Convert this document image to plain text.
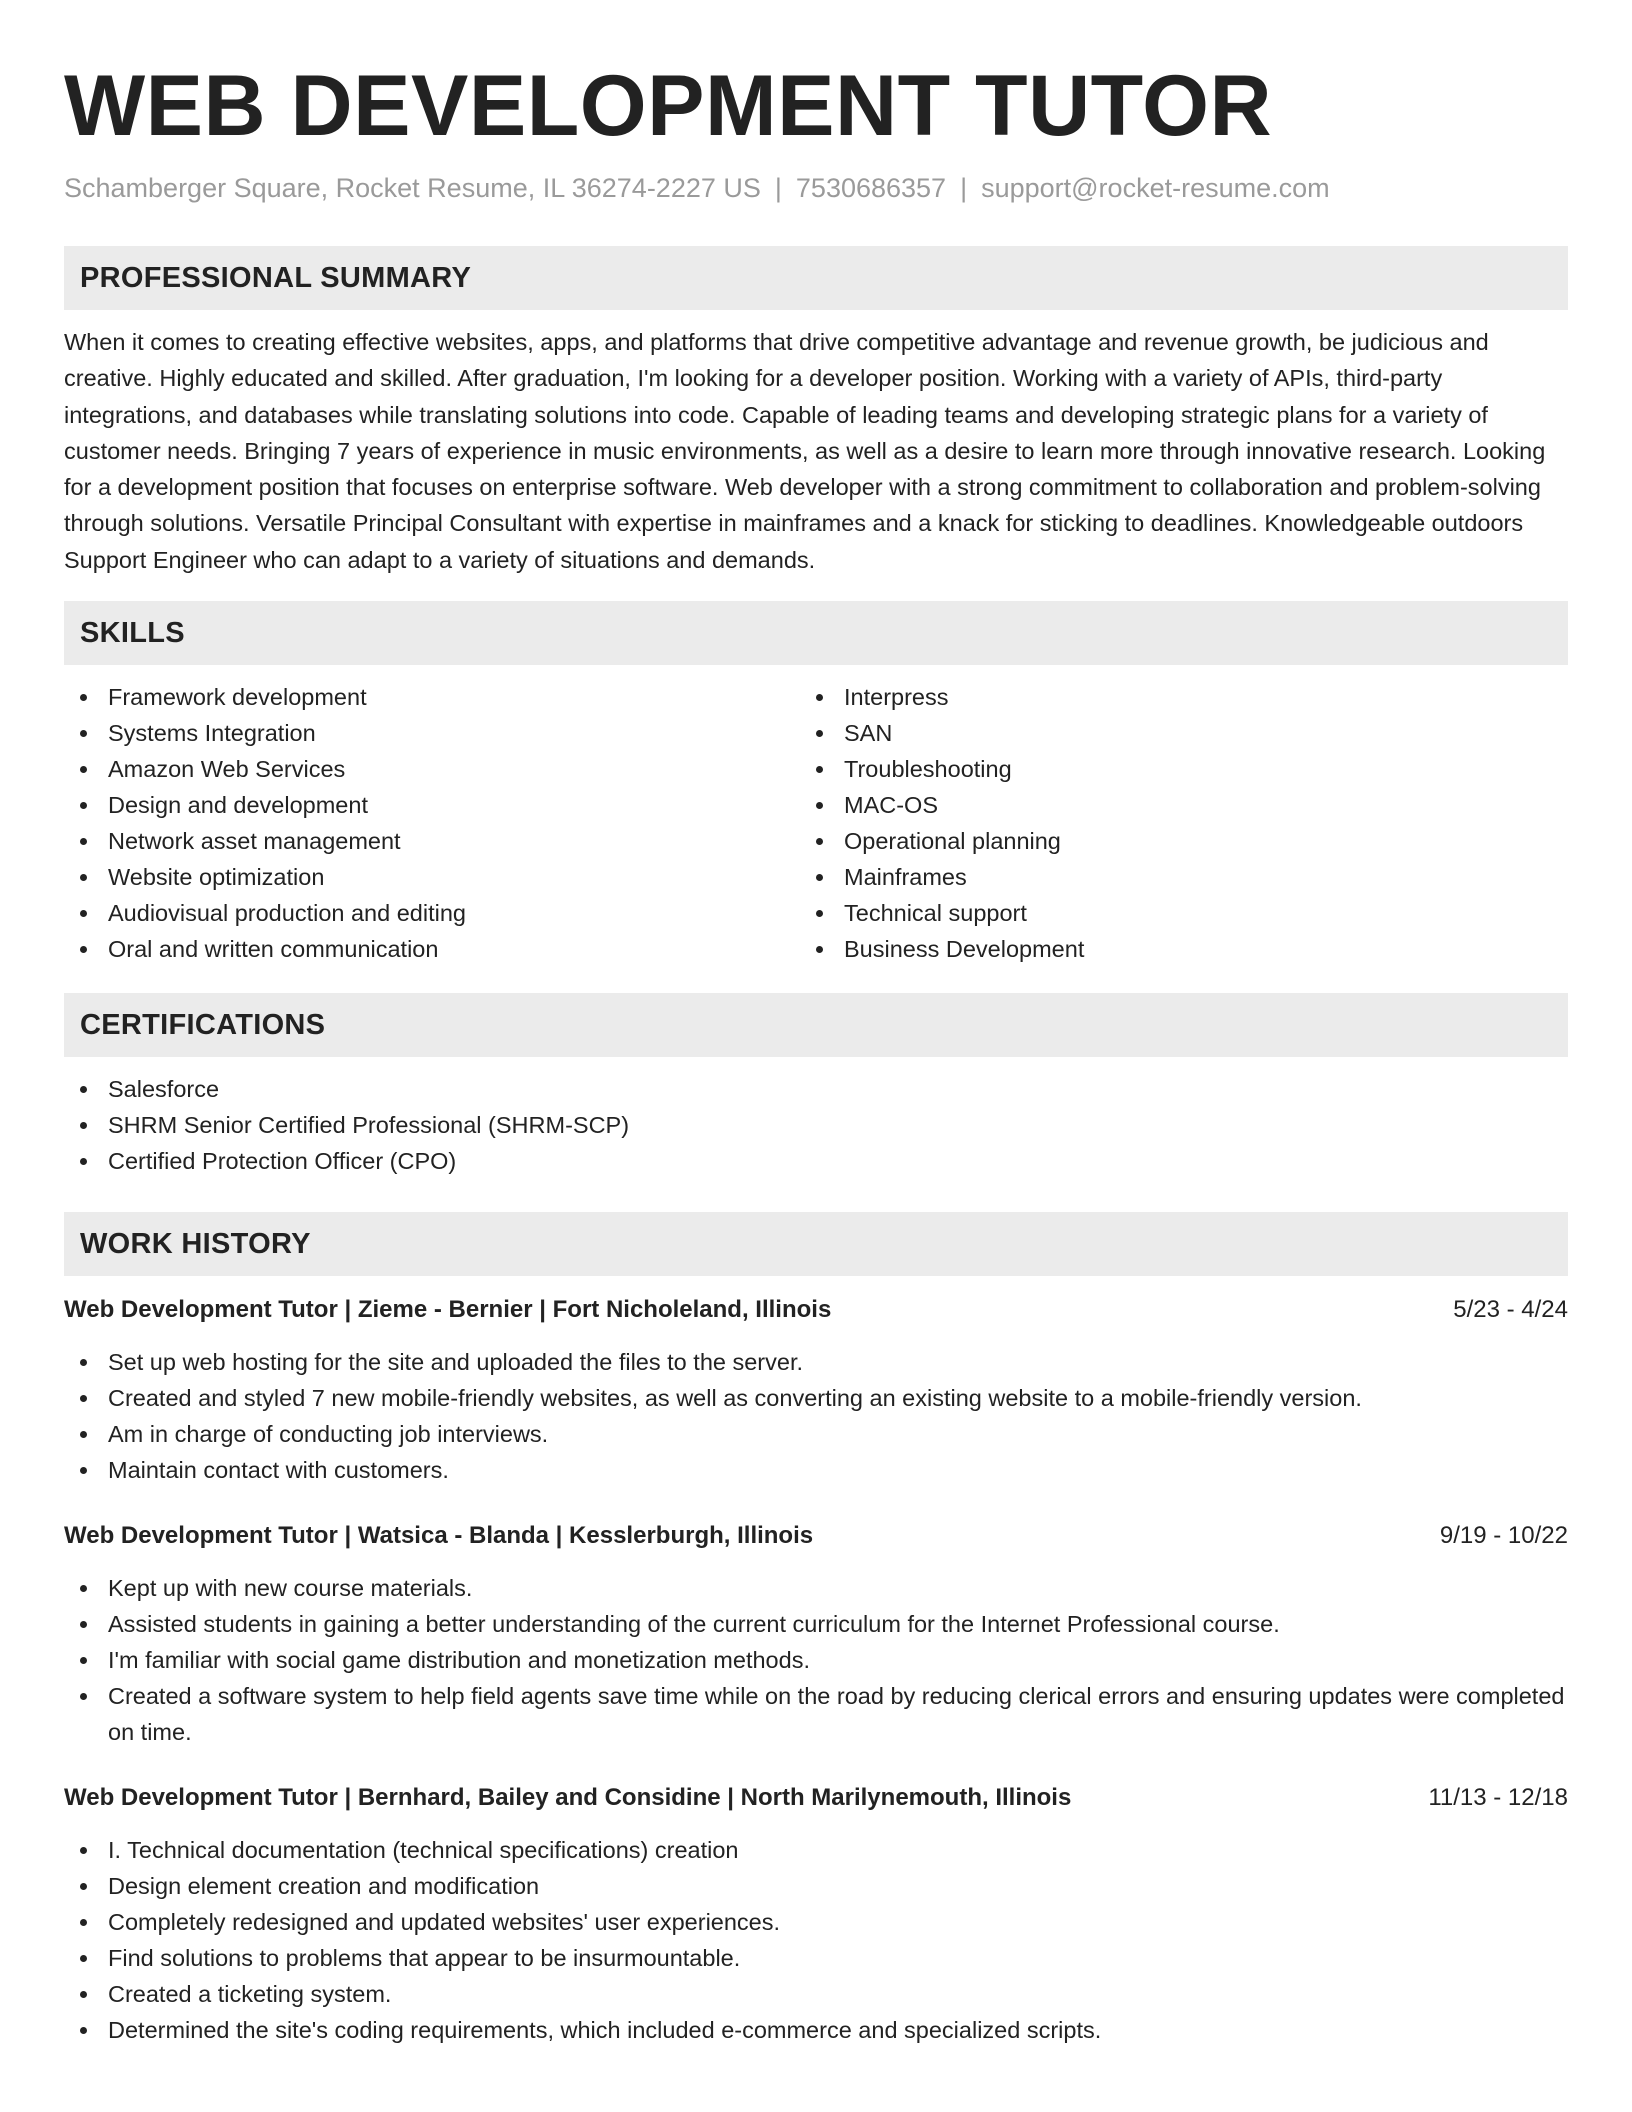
WEB DEVELOPMENT TUTOR
Schamberger Square, Rocket Resume, IL 36274-2227 US | 7530686357 | support@rocket-resume.com
PROFESSIONAL SUMMARY

When it comes to creating effective websites, apps, and platforms that drive competitive advantage and revenue growth, be judicious and creative. Highly educated and skilled. After graduation, I'm looking for a developer position. Working with a variety of APIs, third-party integrations, and databases while translating solutions into code. Capable of leading teams and developing strategic plans for a variety of customer needs. Bringing 7 years of experience in music environments, as well as a desire to learn more through innovative research. Looking for a development position that focuses on enterprise software. Web developer with a strong commitment to collaboration and problem-solving through solutions. Versatile Principal Consultant with expertise in mainframes and a knack for sticking to deadlines. Knowledgeable outdoors Support Engineer who can adapt to a variety of situations and demands.

SKILLS
Framework development
Systems Integration
Amazon Web Services
Design and development
Network asset management
Website optimization
Audiovisual production and editing
Oral and written communication
Interpress
SAN
Troubleshooting
MAC-OS
Operational planning
Mainframes
Technical support
Business Development
CERTIFICATIONS
Salesforce
SHRM Senior Certified Professional (SHRM-SCP)
Certified Protection Officer (CPO)
WORK HISTORY
Web Development Tutor | Zieme - Bernier | Fort Nicholeland, Illinois	5/23 - 4/24
Set up web hosting for the site and uploaded the files to the server.
Created and styled 7 new mobile-friendly websites, as well as converting an existing website to a mobile-friendly version.
Am in charge of conducting job interviews.
Maintain contact with customers.
Web Development Tutor | Watsica - Blanda | Kesslerburgh, Illinois	9/19 - 10/22
Kept up with new course materials.
Assisted students in gaining a better understanding of the current curriculum for the Internet Professional course.
I'm familiar with social game distribution and monetization methods.
Created a software system to help field agents save time while on the road by reducing clerical errors and ensuring updates were completed on time.
Web Development Tutor | Bernhard, Bailey and Considine | North Marilynemouth, Illinois	11/13 - 12/18
I. Technical documentation (technical specifications) creation
Design element creation and modification
Completely redesigned and updated websites' user experiences.
Find solutions to problems that appear to be insurmountable.
Created a ticketing system.
Determined the site's coding requirements, which included e-commerce and specialized scripts.
